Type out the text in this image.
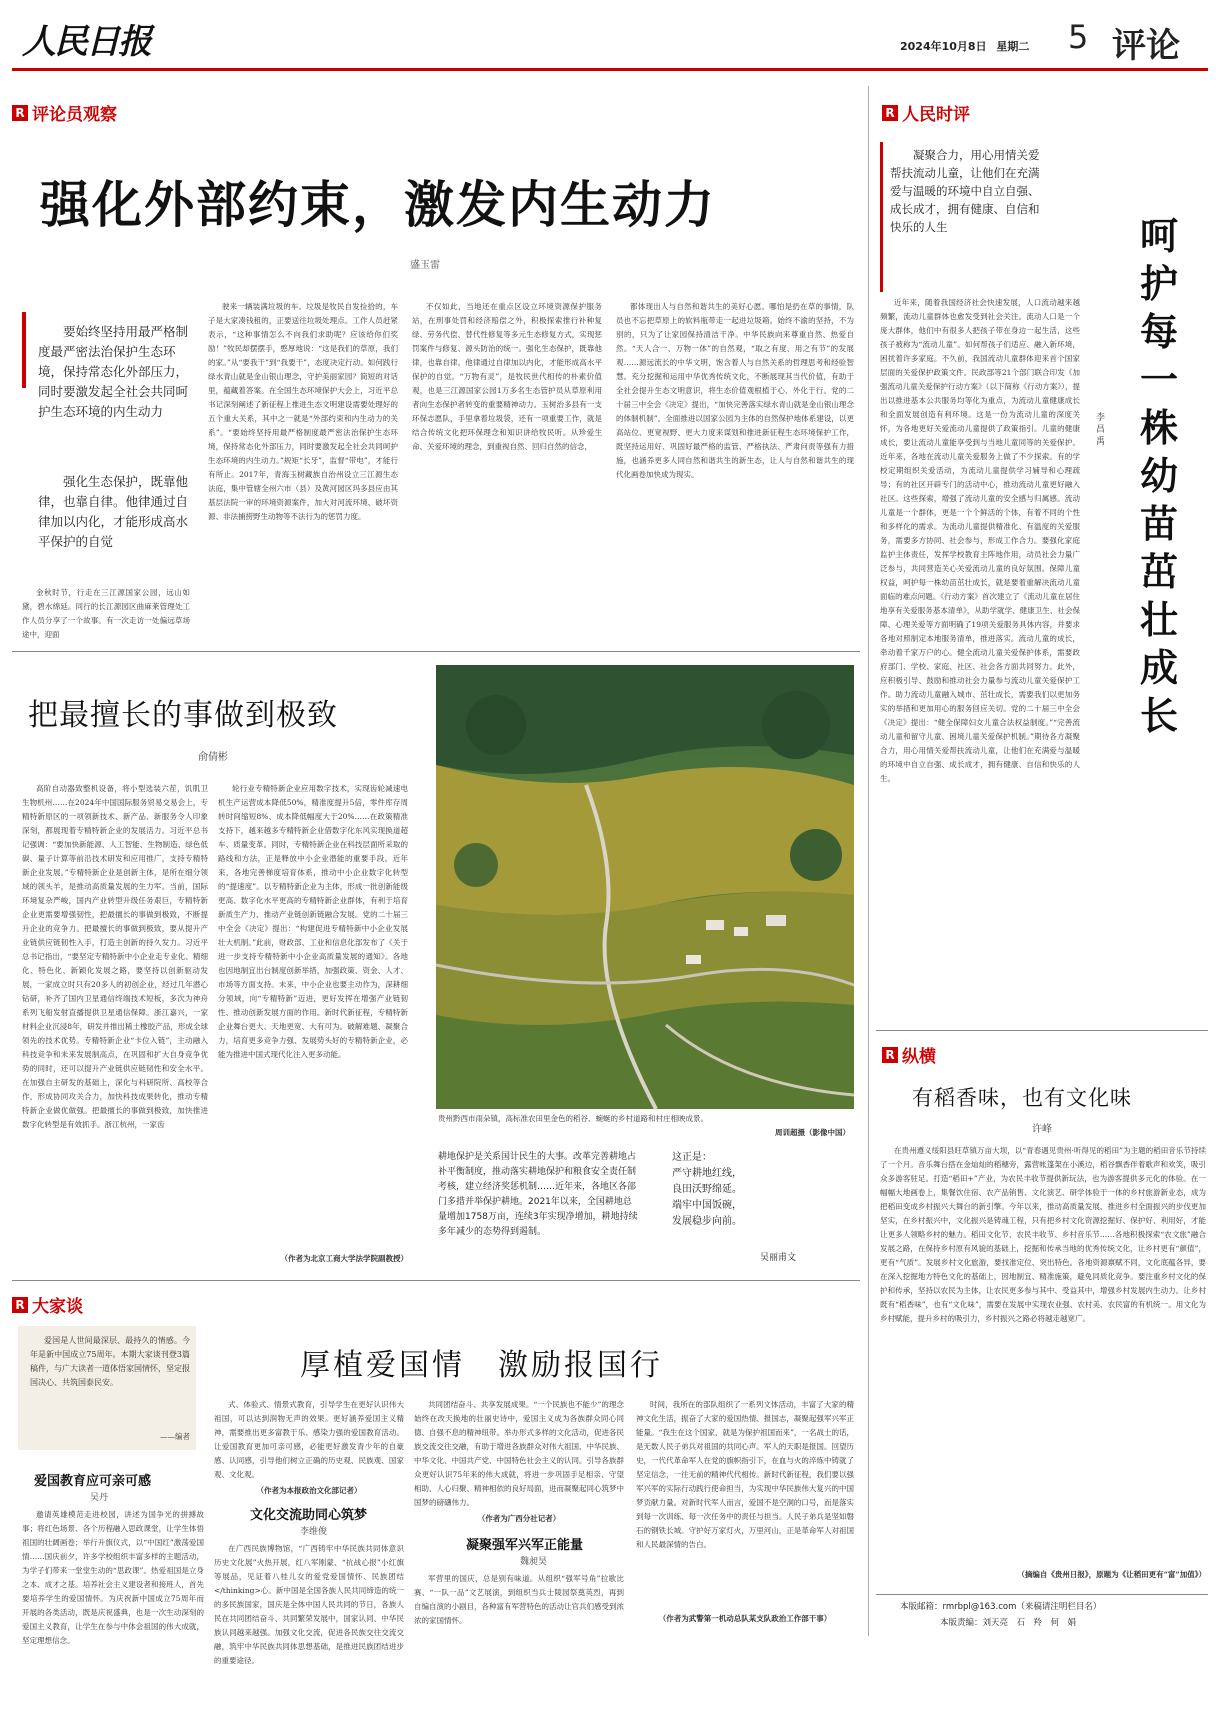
人民日报	2024年10月8日 星期二 5 评论
R 评论员观察
强化外部约束，激发内生动力
盛玉雷
要始终坚持用最严格制度最严密法治保护生态环境，保持常态化外部压力，同时要激发起全社会共同呵护生态环境的内生动力
强化生态保护，既靠他律，也靠自律。他律通过自律加以内化，才能形成高水平保护的自觉
金秋时节，行走在三江源国家公园，远山如黛，碧水绵延。同行的长江源园区曲麻莱管理处工作人员分享了一个故事。有一次走访一处偏远草场途中，迎面
驶来一辆装满垃圾的车。垃圾是牧民自发捡拾的，车子是大家凑钱租的，正要送往垃圾处理点。工作人员赶紧表示，“这种事情怎么不向我们求助呢？应该给你们奖励！”牧民却摆摆手，憨厚地说：“这是我们的草原，我们的家。”从“要我干”到“我要干”，态度决定行动。如何践行绿水青山就是金山银山理念，守护美丽家园？简短的对话里，蕴藏着答案。在全国生态环境保护大会上，习近平总书记深刻阐述了新征程上推进生态文明建设需要处理好的五个重大关系，其中之一就是“外部约束和内生动力的关系”。“要始终坚持用最严格制度最严密法治保护生态环境，保持常态化外部压力，同时要激发起全社会共同呵护生态环境的内生动力。”规矩“长牙”，监督“带电”，才能行有所止。2017年，青海玉树藏族自治州设立三江源生态法庭，集中管辖全州六市（县）及黄河园区玛多县应由其基层法院一审的环境资源案件，加大对河流环境、破坏资源、非法捕捞野生动物等不法行为的惩罚力度。
不仅如此，当地还在重点区设立环境资源保护服务站，在刑事处罚和经济赔偿之外，积极探索推行补种复绿、劳务代偿、替代性修复等多元生态修复方式，实现惩罚案件与修复、源头防治的统一。强化生态保护，既靠他律，也靠自律。他律通过自律加以内化，才能形成高水平保护的自觉。“万物有灵”，是牧民世代相传的朴素价值观，也是三江源国家公园1万多名生态管护员从草原利用者向生态保护者转变的重要精神动力。玉树治多县有一支环保志愿队，手里拿着垃圾袋，还有一项重要工作，就是结合传统文化把环保理念和知识讲给牧民听。从珍爱生命、关爱环境的理念，到重视自然、回归自然的信念，
都体现出人与自然和谐共生的美好心愿。哪怕是扔在草的事情，队员也不忘把草原上的软料瓶带走一起进垃圾箱。始终不渝的坚持，不为别的，只为了让家园保持清洁干净。中华民族向来尊重自然、热爱自然。“天人合一、万物一体”的自然观，“取之有度、用之有节”的发展观……源远流长的中华文明，饱含着人与自然关系的哲理思考和经验智慧。充分挖掘和运用中华优秀传统文化，不断展现其当代价值，有助于全社会提升生态文明意识，将生态价值观根植于心、外化于行。党的二十届三中全会《决定》提出，“加快完善落实绿水青山就是金山银山理念的体制机制”。全面推进以国家公园为主体的自然保护地体系建设，以更高站位、更宽视野、更大力度来谋划和推进新征程生态环境保护工作，既坚持运用好、巩固好最严格的监管、严格执法、严肃问责等强有力措施，也涵养更多人同自然和谐共生的新生态，让人与自然和谐共生的现代化画卷加快成为现实。
把最擅长的事做到极致
俞倩彬
高阶自动器致整机设备，将小型选装六茬，饥肌卫生物机州……在2024年中国国际服务贸易交易会上，专精特新原区的一项领新技术、新产品、新服务令人印象深刻，都展现着专精特新企业的发展活力。习近平总书记强调：“要加快新能源、人工智能、生物制造、绿色低碳、量子计算等前沿技术研发和应用推广，支持专精特新企业发展。”专精特新企业是创新主体，是所在细分领域的领头羊，是推动高质量发展的生力军。当前，国际环境复杂严峻，国内产业转型升级任务艰巨，专精特新企业更需要增强韧性，把最擅长的事做到极致，不断提升企业的竞争力。把最擅长的事做到极致，要从提升产业链供应链韧性入手，打造主创新的持久发力。习近平总书记指出，“要坚定专精特新中小企业走专业化、精细化、特色化、新颖化发展之路，要坚持以创新驱动发展，一家成立时只有20多人的初创企业，经过几年潜心钻研，补齐了国内卫星通信终端技术短板，多次为神舟系列飞船发射直播提供卫星通信保障。浙江嘉兴，一家材料企业沉浸8年，研发并推出稀土橡胶产品，形成全球领先的技术优势。专精特新企业“卡位入链”，主动融入科技竞争和未来发展制高点，在巩固和扩大自身竞争优势的同时，还可以提升产业链供应链韧性和安全水平。在加强自主研发的基础上，深化与科研院所、高校等合作，形成协同攻关合力，加快科技成果转化，推动专精特新企业做优做强。把最擅长的事做到极致，加快推进数字化转型是有效抓手。浙江杭州，一家齿
轮行业专精特新企业应用数字技术，实现齿轮减速电机生产运营成本降低50%，精准度提升5倍，零件库存周转时间缩短8%、成本降低幅度大于20%……在政策精准支持下，越来越多专精特新企业借数字化东风实现换道超车、质量变革。同时，专精特新企业在科技层面所采取的路线和方法，正是释放中小企业潜能的重要手段。近年来，各地完善梯度培育体系，推动中小企业数字化转型的“提速度”。以专精特新企业为主体，形成一批创新能级更高、数字化水平更高的专精特新企业群体，有利于培育新质生产力、推动产业链创新链融合发展。党的二十届三中全会《决定》提出：“构建促进专精特新中小企业发展壮大机制。”此前，财政部、工业和信息化部发布了《关于进一步支持专精特新中小企业高质量发展的通知》。各地也因地制宜出台制度创新举措，加强政策、资金、人才、市场等方面支持。未来，中小企业也要主动作为，深耕细分领域，向“专精特新”迈进，更好发挥在增强产业链韧性、推动创新发展方面的作用。新时代新征程，专精特新企业舞台更大、天地更宽、大有可为。破解难题、凝聚合力，培育更多竞争力强、发展势头好的专精特新企业，必能为推进中国式现代化注入更多动能。
（作者为北京工商大学法学院副教授）
贵州黔西市雨朵镇，高标准农田里金色的稻谷、蜿蜒的乡村道路和村庄相映成景。
周训超摄（影像中国）
耕地保护是关系国计民生的大事。改革完善耕地占补平衡制度，推动落实耕地保护和粮食安全责任制考核，建立经济奖惩机制……近年来，各地区各部门多措并举保护耕地。2021年以来，全国耕地总量增加1758万亩，连续3年实现净增加，耕地持续多年减少的态势得到遏制。
这正是：
严守耕地红线，
良田沃野绵延。
端牢中国饭碗，
发展稳步向前。
吴丽甫文
R 人民时评
凝聚合力，用心用情关爱帮扶流动儿童，让他们在充满爱与温暖的环境中自立自强、成长成才，拥有健康、自信和快乐的人生	呵护每一株幼苗茁壮成长
李昌禹
近年来，随着我国经济社会快速发展，人口流动越来越频繁，流动儿童群体也愈发受到社会关注。流动人口是一个庞大群体，他们中有很多人把孩子带在身边一起生活，这些孩子被称为“流动儿童”。如何帮孩子们适应、融入新环境，困扰着许多家庭。不久前，我国流动儿童群体迎来首个国家层面的关爱保护政策文件。民政部等21个部门联合印发《加强流动儿童关爱保护行动方案》（以下简称《行动方案》），提出以推进基本公共服务均等化为重点，为流动儿童健康成长和全面发展创造有利环境。这是一份为流动儿童的深度关怀，为各地更好关爱流动儿童提供了政策指引。儿童的健康成长，要让流动儿童能享受到与当地儿童同等的关爱保护。近年来，各地在流动儿童关爱服务上做了不少探索。有的学校定期组织关爱活动，为流动儿童提供学习辅导和心理疏导；有的社区开辟专门的活动中心，推动流动儿童更好融入社区。这些探索，增强了流动儿童的安全感与归属感。流动儿童是一个群体，更是一个个鲜活的个体，有着不同的个性和多样化的需求。为流动儿童提供精准化、有温度的关爱服务，需要多方协同、社会参与，形成工作合力。要强化家庭监护主体责任，发挥学校教育主阵地作用，动员社会力量广泛参与，共同营造关心关爱流动儿童的良好氛围。保障儿童权益，呵护每一株幼苗茁壮成长，就是要着重解决流动儿童面临的难点问题。《行动方案》首次建立了《流动儿童在居住地享有关爱服务基本清单》，从助学就学、健康卫生、社会保障、心理关爱等方面明确了19项关爱服务具体内容，并要求各地对照制定本地服务清单，推进落实。流动儿童的成长，牵动着千家万户的心。健全流动儿童关爱保护体系，需要政府部门、学校、家庭、社区、社会各方面共同努力。此外，应积极引导、鼓励和推动社会力量参与流动儿童关爱保护工作。助力流动儿童融入城市、茁壮成长，需要我们以更加务实的举措和更加用心的服务回应关切。党的二十届三中全会《决定》提出：“健全保障妇女儿童合法权益制度。”“完善流动儿童和留守儿童、困境儿童关爱保护机制。”期待各方凝聚合力，用心用情关爱帮扶流动儿童，让他们在充满爱与温暖的环境中自立自强、成长成才，拥有健康、自信和快乐的人生。
R 纵横
有稻香味，也有文化味
许峰
在贵州遵义绥阳县旺草镇万亩大坝，以“青春遇见贵州·听得见的稻田”为主题的稻田音乐节持续了一个月。音乐舞台搭在金灿灿的稻穗旁，露营帐篷架在小溪边，稻谷飘香伴着歌声和欢笑，吸引众多游客驻足。打造“稻田+”产业，为农民丰收节提供新玩法，也为游客提供多元化的体验。在一幅幅大地画卷上，集餐饮住宿、农产品销售、文化演艺、研学体验于一体的乡村旅游新业态，成为把稻田变成乡村振兴大舞台的新引擎。今年以来，推动高质量发展、推进乡村全面振兴的步伐更加坚实，在乡村振兴中，文化振兴是铸魂工程，只有把乡村文化资源挖掘好、保护好、利用好，才能让更多人领略乡村的魅力。稻田文化节、农民丰收节、乡村音乐节……各地积极探索“农文旅”融合发展之路，在保持乡村原有风貌的基础上，挖掘和传承当地的优秀传统文化，让乡村更有“颜值”，更有“气质”。发展乡村文化旅游，要找准定位、突出特色。各地资源禀赋不同，文化底蕴各异，要在深入挖掘地方特色文化的基础上，因地制宜、精准施策，避免同质化竞争。要注重乡村文化的保护和传承，坚持以农民为主体，让农民更多参与其中、受益其中，增强乡村发展内生动力。让乡村既有“稻香味”，也有“文化味”，需要在发展中实现农业强、农村美、农民富的有机统一。用文化为乡村赋能，提升乡村的吸引力，乡村振兴之路必将越走越宽广。
（摘编自《贵州日报》，原题为《让稻田更有“富”加值》）
R 大家谈
爱国是人世间最深层、最持久的情感。今年是新中国成立75周年。本期大家谈刊登3篇稿件，与广大读者一道体悟家国情怀，坚定报国决心、共筑国泰民安。
——编者
厚植爱国情　激励报国行
爱国教育应可亲可感
吴丹
邀请英雄模范走进校园，讲述为国争光的拼搏故事；将红色场景、各个历程融入思政课堂，让学生体悟祖国的壮阔画卷；举行升旗仪式，以“中国红”激荡爱国情……国庆前夕，许多学校组织丰富多样的主题活动，为学子们带来一堂堂生动的“思政课”。热爱祖国是立身之本、成才之基。培养社会主义建设者和接班人，首先要培养学生的爱国情怀。为庆祝新中国成立75周年而开展的各类活动，既是庆祝盛典，也是一次生动深刻的爱国主义教育，让学生在参与中体会祖国的伟大成就，坚定理想信念。
式、体验式、情景式教育，引导学生在更好认识伟大祖国，可以达到润物无声的效果。更好涵养爱国主义精神，需要推出更多富教于乐、感染力强的爱国教育活动。让爱国教育更加可亲可感，必能更好激发青少年的自豪感、认同感，引导他们树立正确的历史观、民族观、国家观、文化观。
（作者为本报政治文化部记者）
文化交流助同心筑梦
李维俊
在广西民族博物馆，“广西铸牢中华民族共同体意识历史文化展”火热开展，红八军刚蒙、“抗战心报”小红旗等展品，见证着八桂儿女的爱党爱国情怀、民族团结</thinking>心。新中国是全国各族人民共同缔造的统一的多民族国家，国庆是全体中国人民共同的节日，各族人民在共同团结奋斗、共同繁荣发展中，国家认同、中华民族认同越来越强。加强文化交流，促进各民族交往交流交融，筑牢中华民族共同体思想基础，是推进民族团结进步的重要途径。
共同团结奋斗、共享发展成果。“一个民族也不能少”的理念始终在改天换地的壮丽史诗中，爱国主义成为各族群众同心同德、自强不息的精神纽带。举办形式多样的文化活动，促进各民族交流交往交融，有助于增进各族群众对伟大祖国、中华民族、中华文化、中国共产党、中国特色社会主义的认同。引导各族群众更好认识75年来的伟大成就，将进一步巩固手足相亲、守望相助、人心归聚、精神相依的良好局面，进而凝聚起同心筑梦中国梦的磅礴伟力。
（作者为广西分社记者）
凝聚强军兴军正能量
魏昶昊
军营里的国庆，总是别有味道。从组织“强军号角”拉歌比赛、“一队一品”文艺展演，到组织当兵士陵园祭奠英烈，再到自编自演的小剧目，各种富有军营特色的活动让官兵们感受到浓浓的家国情怀。
时间，我所在的部队组织了一系列文体活动，丰富了大家的精神文化生活，振奋了大家的爱国热情、报国志，凝聚起强军兴军正能量。“我生在这个国家，就是为保护祖国而来”，一名战士的话，是无数人民子弟兵对祖国的共同心声。军人的天职是报国。回望历史，一代代革命军人在党的旗帜指引下，在血与火的淬炼中铸就了坚定信念，一往无前的精神代代相传。新时代新征程，我们要以强军兴军的实际行动践行使命担当，为实现中华民族伟大复兴的中国梦贡献力量。对新时代军人而言，爱国不是空洞的口号，而是落实到每一次训练、每一次任务中的责任与担当。人民子弟兵是坚如磐石的钢铁长城。守护好万家灯火，万里河山，正是革命军人对祖国和人民最深情的告白。
（作者为武警第一机动总队某支队政治工作部干事）
本版邮箱：rmrbpl@163.com（来稿请注明栏目名）
本版责编：刘天亮　石　羚　何　娟
